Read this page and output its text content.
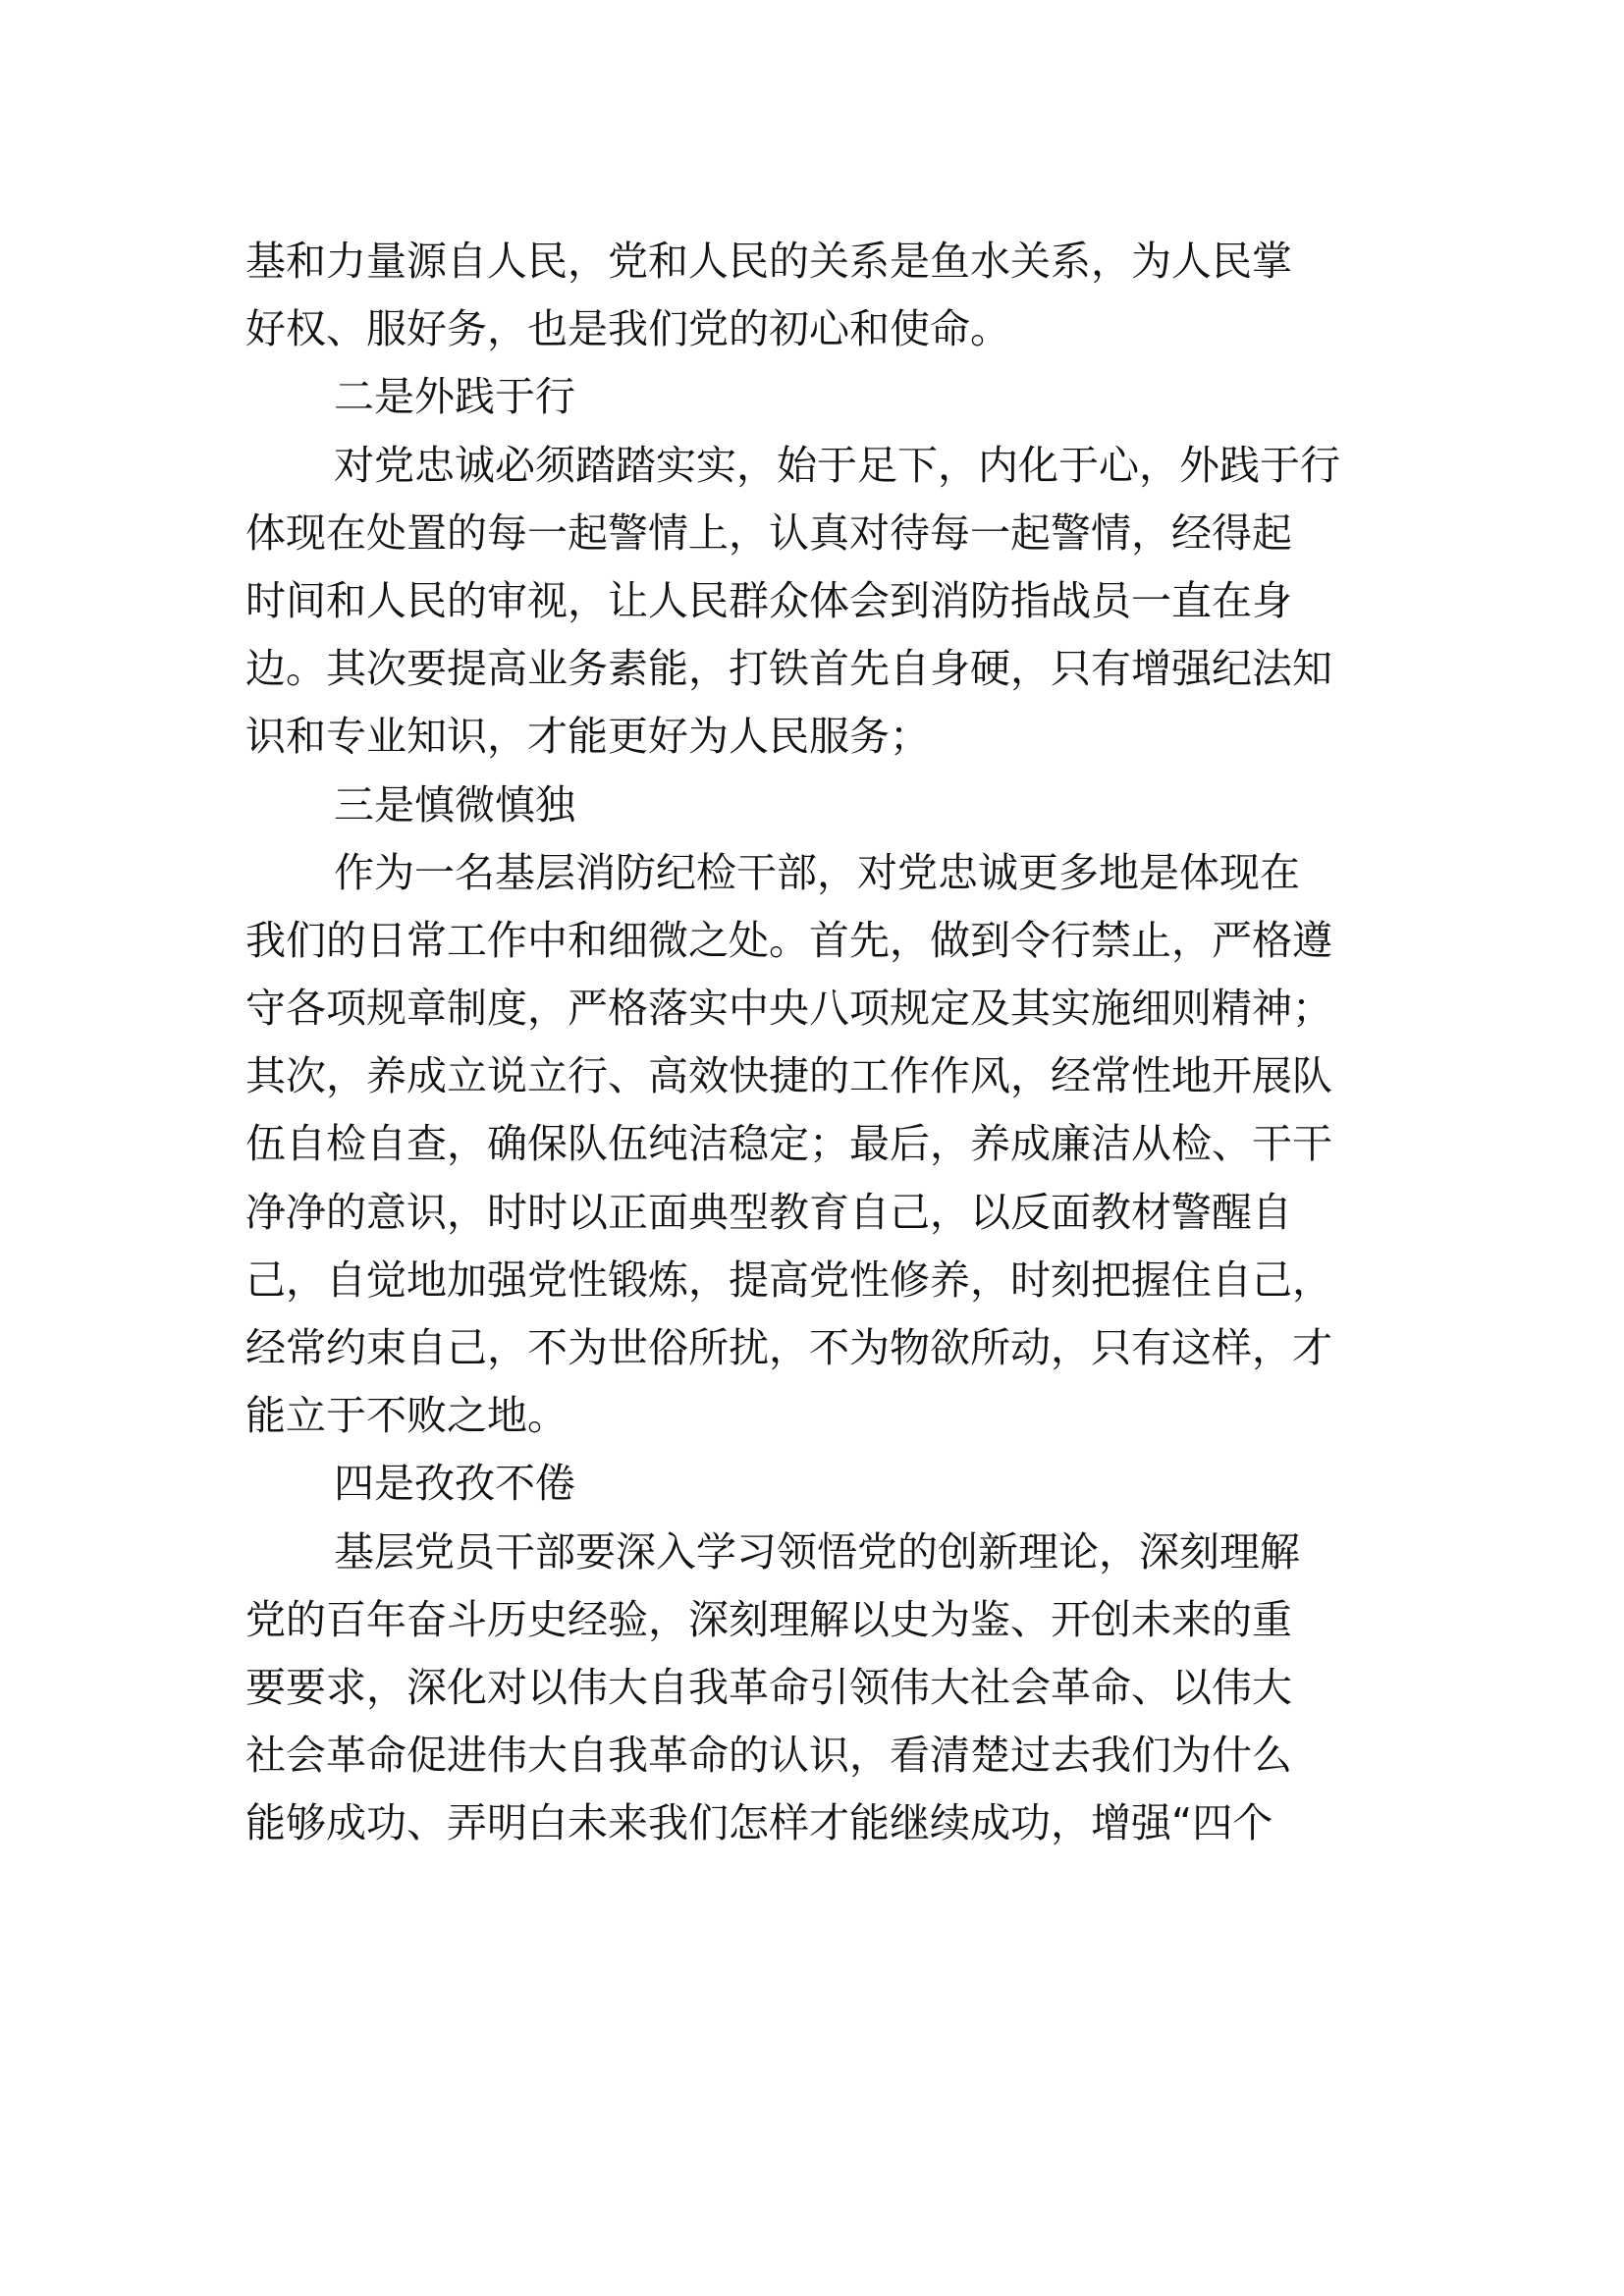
基和力量源自人民，党和人民的关系是鱼水关系，为人民掌
好权、服好务，也是我们党的初心和使命。
二是外践于行
对党忠诚必须踏踏实实，始于足下，内化于心，外践于行
体现在处置的每一起警情上，认真对待每一起警情，经得起
时间和人民的审视，让人民群众体会到消防指战员一直在身
边。其次要提高业务素能，打铁首先自身硬，只有增强纪法知
识和专业知识，才能更好为人民服务；
三是慎微慎独
作为一名基层消防纪检干部，对党忠诚更多地是体现在
我们的日常工作中和细微之处。首先，做到令行禁止，严格遵
守各项规章制度，严格落实中央八项规定及其实施细则精神；
其次，养成立说立行、高效快捷的工作作风，经常性地开展队
伍自检自查，确保队伍纯洁稳定；最后，养成廉洁从检、干干
净净的意识，时时以正面典型教育自己，以反面教材警醒自
己，自觉地加强党性锻炼，提高党性修养，时刻把握住自己，
经常约束自己，不为世俗所扰，不为物欲所动，只有这样，才
能立于不败之地。
四是孜孜不倦
基层党员干部要深入学习领悟党的创新理论，深刻理解
党的百年奋斗历史经验，深刻理解以史为鉴、开创未来的重
要要求，深化对以伟大自我革命引领伟大社会革命、以伟大
社会革命促进伟大自我革命的认识，看清楚过去我们为什么
能够成功、弄明白未来我们怎样才能继续成功，增强“四个
